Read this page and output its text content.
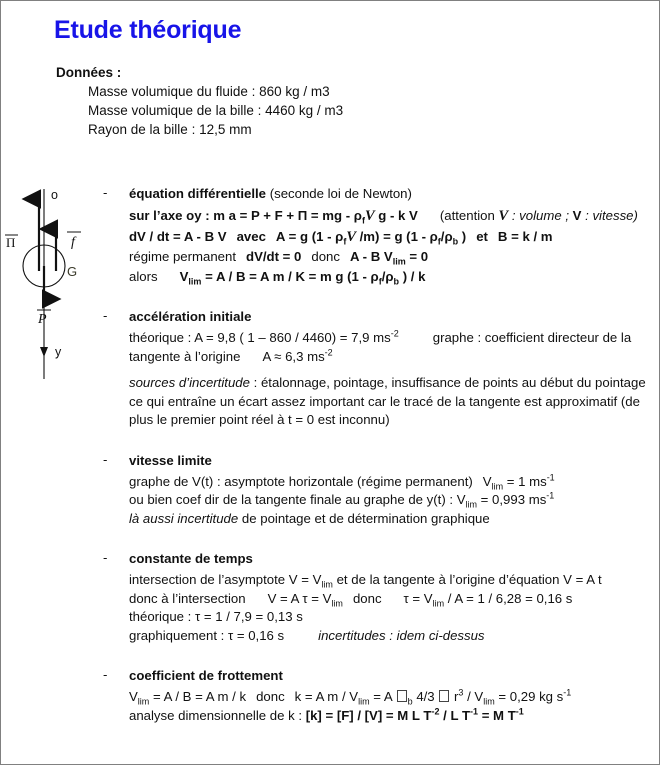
Etude théorique
Données :
Masse volumique du fluide : 860 kg / m3
Masse volumique de la bille : 4460 kg / m3
Rayon de la bille : 12,5 mm
o
y
G
Π	f
P
- équation différentielle (seconde loi de Newton)
sur l’axe oy : m a = P + F + Π = mg - $\rho_fV$ g - k V (attention V : volume ; V : vitesse)
dV / dt = A - B V avec A = g ($1 - \rho_fV$ /m) = g ($1 - \rho_f/\rho_b$ ) et B = k / m
régime permanent dV/dt = 0 donc A - B $V_{lim} = 0$
alors $V_{lim} = A / B = A$ m / K = m g ($1 - \rho_f/\rho_b$ ) / k
- accélération initiale
théorique : A = 9,8 ( 1 – 860 / 4460) = 7,9 $ms^{-2}$	graphe : coefficient directeur de la
tangente à l’origine A ≈ 6,3 $ms^{-2}$
sources d’incertitude : étalonnage, pointage, insuffisance de points au début du pointage ce qui entraîne un écart assez important car le tracé de la tangente est approximatif (de plus le premier point réel à t = 0 est inconnu)
- vitesse limite
graphe de V(t) : asymptote horizontale (régime permanent) $V_{lim} = 1$ $ms^{-1}$
ou bien coef dir de la tangente finale au graphe de y(t) : $V_{lim} = 0,993$ $ms^{-1}$
là aussi incertitude de pointage et de détermination graphique
- constante de temps
intersection de l’asymptote $V = V_{lim}$ et de la tangente à l’origine d’équation V = A t
donc à l’intersection V = A $\tau = V_{lim}$ donc $\tau = V_{lim} / A = 1 / 6,28 = 0,16$ s
théorique : τ = 1 / 7,9 = 0,13 s
graphiquement : τ = 0,16 s	incertitudes : idem ci-dessus
- coefficient de frottement
$V_{lim} = A / B = A$ m / k donc k = A $m / V_{lim} = A$ $_b$ 4/3 $r^3 / V_{lim} = 0,29$ kg $s^{-1}$
analyse dimensionnelle de k : [k] = [F] / [V] = M L $T^{-2}$ / L $T^{-1} = M$ $T^{-1}$
